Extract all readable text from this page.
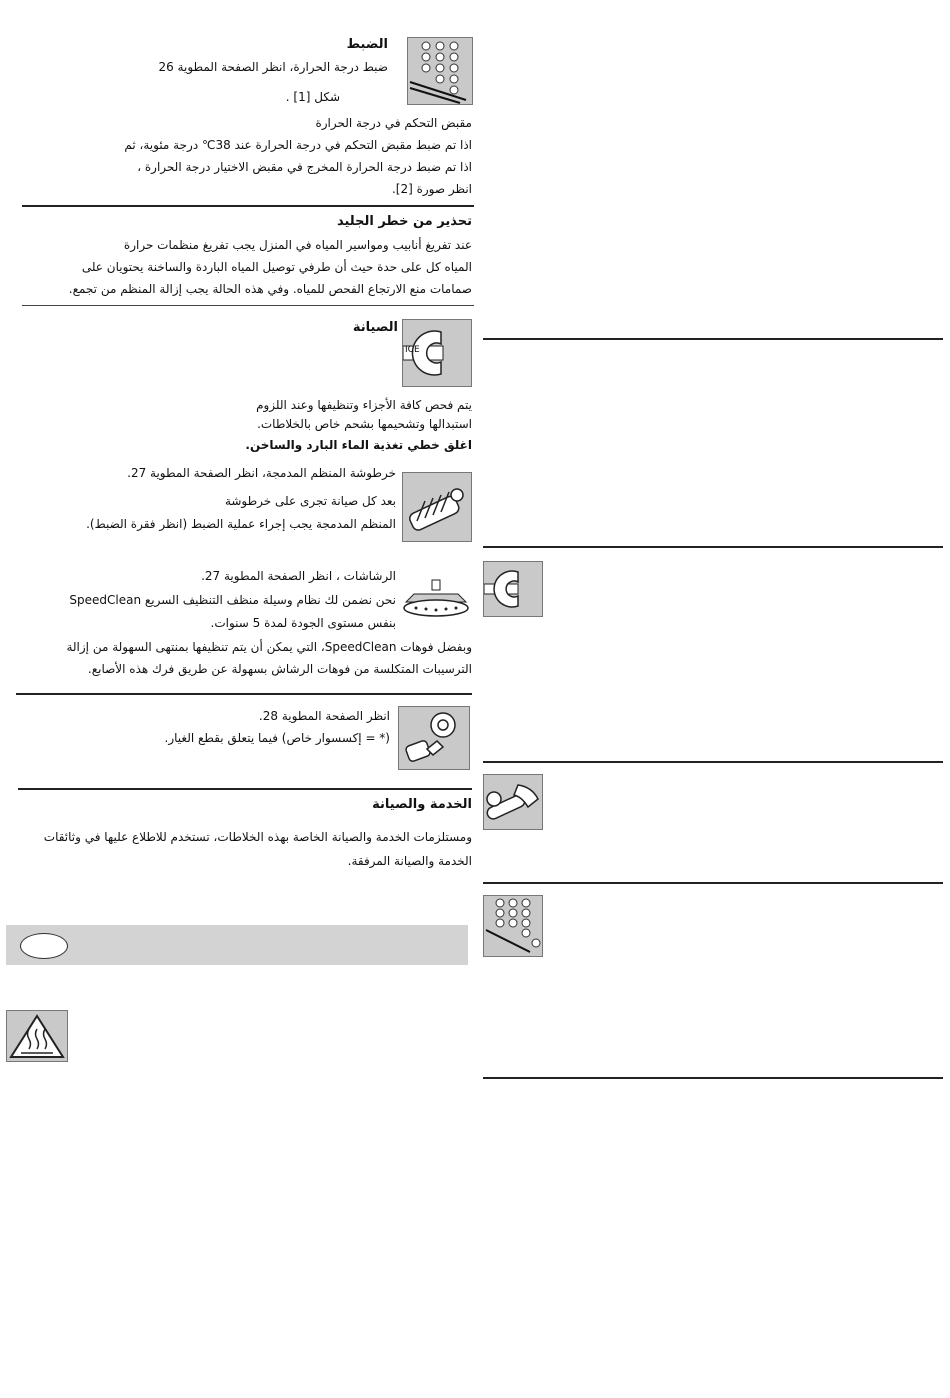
الضبط
ضبط درجة الحرارة، انظر الصفحة المطوية 26
شكل [1] .
مقبض التحكم في درجة الحرارة
اذا تم ضبط مقبض التحكم في درجة الحرارة عند 38℃ درجة مئوية، ثم
اذا تم ضبط درجة الحرارة المخرج في مقبض الاختيار درجة الحرارة ،
انظر صورة [2].
تحذير من خطر الجليد
عند تفريغ أنابيب ومواسير المياه في المنزل يجب تفريغ منظمات حرارة
المياه كل على حدة حيث أن طرفي توصيل المياه الباردة والساخنة يحتويان على
صمامات منع الارتجاع الفحص للمياه. وفي هذه الحالة يجب إزالة المنظم من تجمع.
ICE
الصيانة
يتم فحص كافة الأجزاء وتنظيفها وعند اللزوم
استبدالها وتشحيمها بشحم خاص بالخلاطات.
اغلق خطي تغذية الماء البارد والساخن.
خرطوشة المنظم المدمجة، انظر الصفحة المطوية 27.
بعد كل صيانة تجرى على خرطوشة
المنظم المدمجة يجب إجراء عملية الضبط (انظر فقرة الضبط).
الرشاشات ، انظر الصفحة المطوية 27.
نحن نضمن لك نظام وسيلة منظف التنظيف السريع SpeedClean
بنفس مستوى الجودة لمدة 5 سنوات.
وبفضل فوهات SpeedClean، التي يمكن أن يتم تنظيفها بمنتهى السهولة من إزالة
الترسيبات المتكلسة من فوهات الرشاش بسهولة عن طريق فرك هذه الأصابع.
انظر الصفحة المطوية 28.
(* = إكسسوار خاص) فيما يتعلق بقطع الغيار.
الخدمة والصيانة
ومستلزمات الخدمة والصيانة الخاصة بهذه الخلاطات، تستخدم للاطلاع عليها في وثائقات
الخدمة والصيانة المرفقة.
